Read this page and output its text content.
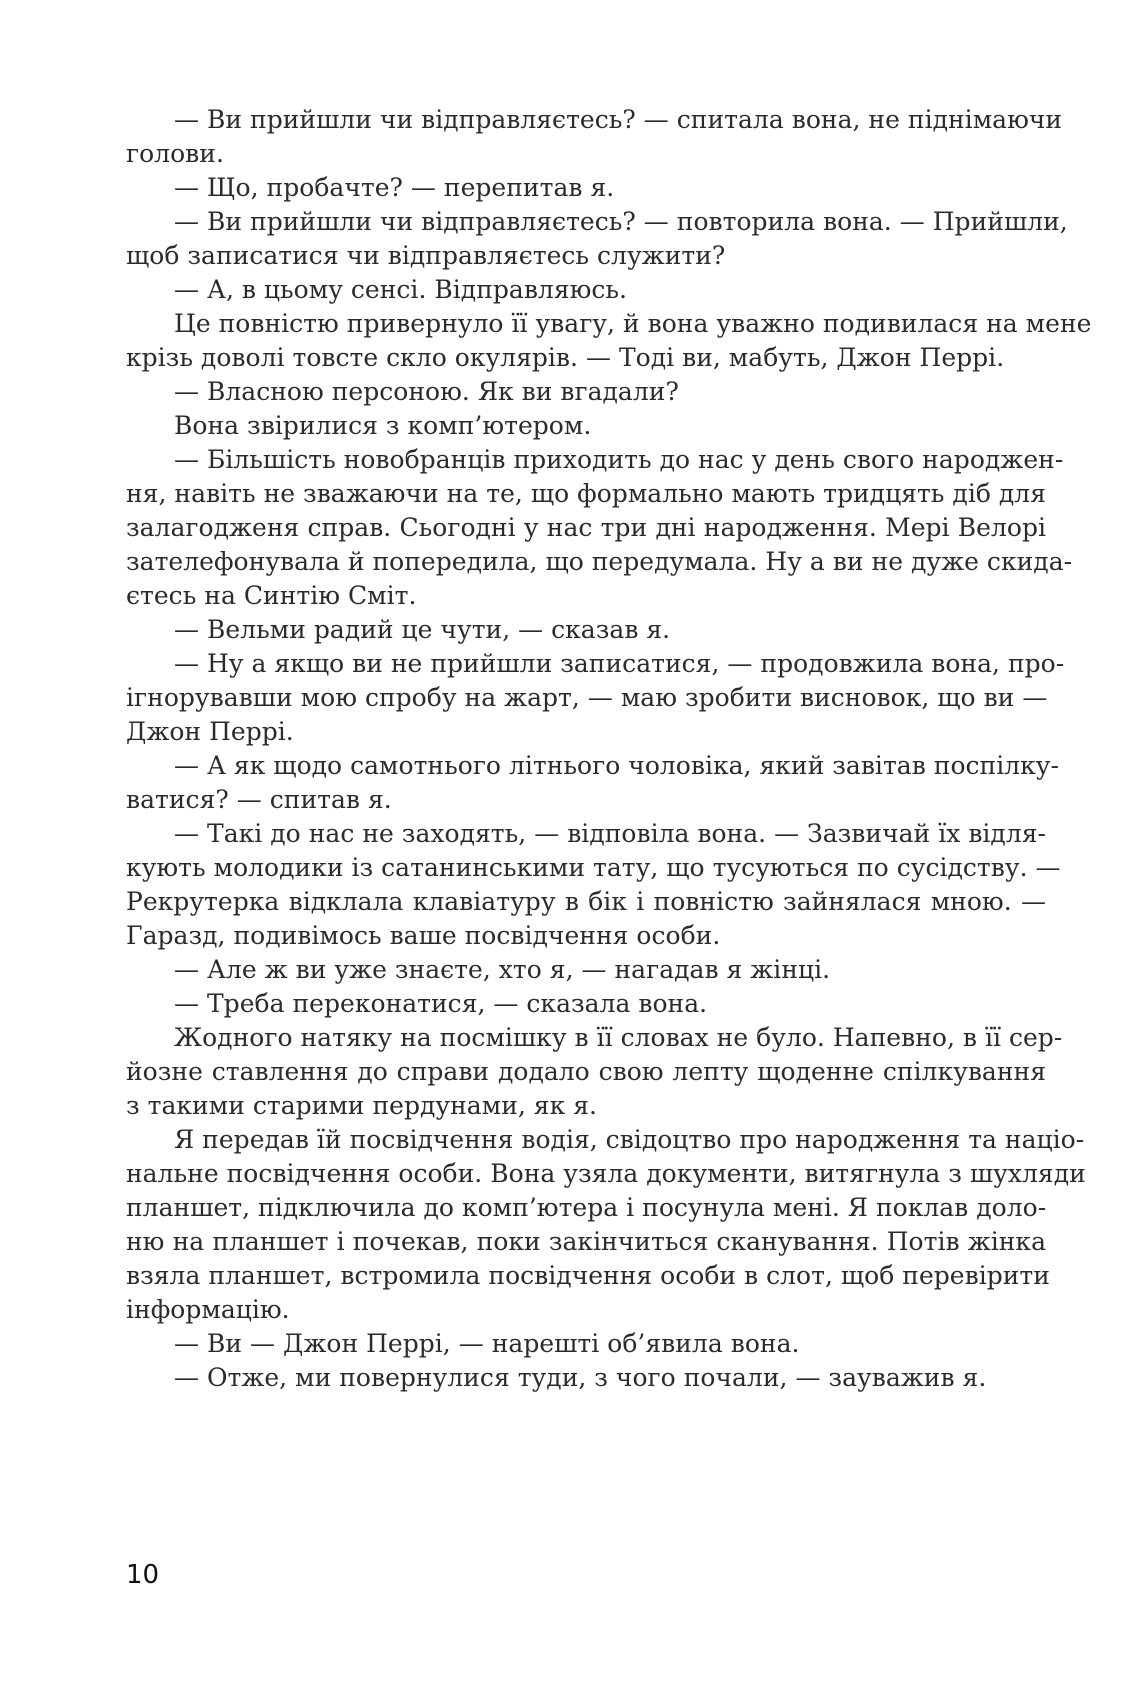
— Ви прийшли чи відправляєтесь? — спитала вона, не піднімаючи
голови.
— Що, пробачте? — перепитав я.
— Ви прийшли чи відправляєтесь? — повторила вона. — Прийшли,
щоб записатися чи відправляєтесь служити?
— А, в цьому сенсі. Відправляюсь.
Це повністю привернуло її увагу, й вона уважно подивилася на мене
крізь доволі товсте скло окулярів. — Тоді ви, мабуть, Джон Перрі.
— Власною персоною. Як ви вгадали?
Вона звірилися з комп’ютером.
— Більшість новобранців приходить до нас у день свого народжен-
ня, навіть не зважаючи на те, що формально мають тридцять діб для
залагодженя справ. Сьогодні у нас три дні народження. Мері Велорі
зателефонувала й попередила, що передумала. Ну а ви не дуже скида-
єтесь на Синтію Сміт.
— Вельми радий це чути, — сказав я.
— Ну а якщо ви не прийшли записатися, — продовжила вона, про-
ігнорувавши мою спробу на жарт, — маю зробити висновок, що ви —
Джон Перрі.
— А як щодо самотнього літнього чоловіка, який завітав поспілку-
ватися? — спитав я.
— Такі до нас не заходять, — відповіла вона. — Зазвичай їх відля-
кують молодики із сатанинськими тату, що тусуються по сусідству. —
Рекрутерка відклала клавіатуру в бік і повністю зайнялася мною. —
Гаразд, подивімось ваше посвідчення особи.
— Але ж ви уже знаєте, хто я, — нагадав я жінці.
— Треба переконатися, — сказала вона.
Жодного натяку на посмішку в її словах не було. Напевно, в її сер-
йозне ставлення до справи додало свою лепту щоденне спілкування
з такими старими пердунами, як я.
Я передав їй посвідчення водія, свідоцтво про народження та націо-
нальне посвідчення особи. Вона узяла документи, витягнула з шухляди
планшет, підключила до комп’ютера і посунула мені. Я поклав доло-
ню на планшет і почекав, поки закінчиться сканування. Потів жінка
взяла планшет, встромила посвідчення особи в слот, щоб перевірити
інформацію.
— Ви — Джон Перрі, — нарешті об’явила вона.
— Отже, ми повернулися туди, з чого почали, — зауважив я.
10
